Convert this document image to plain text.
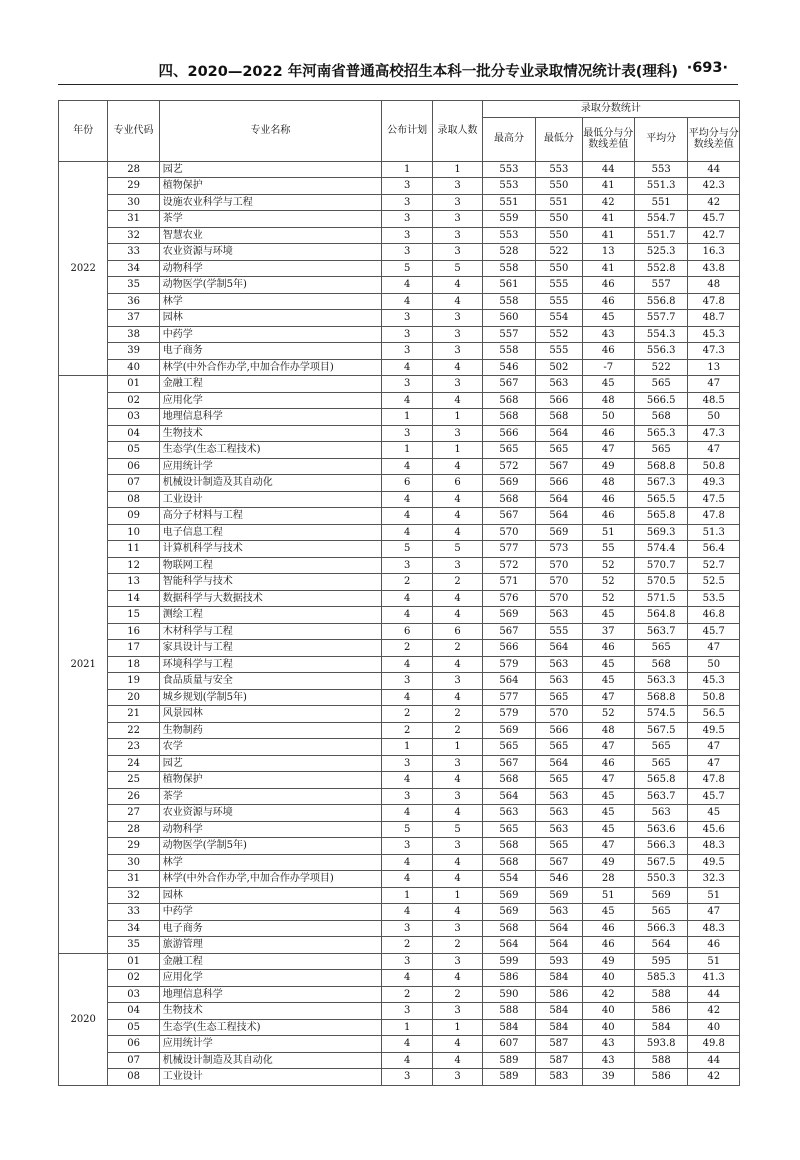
四、2020—2022 年河南省普通高校招生本科一批分专业录取情况统计表(理科) ·693·
年份	专业代码	专业名称	公布计划	录取人数	录取分数统计				
					最高分	最低分	最低分与分数线差值	平均分	平均分与分数线差值
2022	28	园艺	1	1	553	553	44	553	44
	29	植物保护	3	3	553	550	41	551.3	42.3
	30	设施农业科学与工程	3	3	551	551	42	551	42
	31	茶学	3	3	559	550	41	554.7	45.7
	32	智慧农业	3	3	553	550	41	551.7	42.7
	33	农业资源与环境	3	3	528	522	13	525.3	16.3
	34	动物科学	5	5	558	550	41	552.8	43.8
	35	动物医学(学制5年)	4	4	561	555	46	557	48
	36	林学	4	4	558	555	46	556.8	47.8
	37	园林	3	3	560	554	45	557.7	48.7
	38	中药学	3	3	557	552	43	554.3	45.3
	39	电子商务	3	3	558	555	46	556.3	47.3
	40	林学(中外合作办学,中加合作办学项目)	4	4	546	502	-7	522	13
2021	01	金融工程	3	3	567	563	45	565	47
	02	应用化学	4	4	568	566	48	566.5	48.5
	03	地理信息科学	1	1	568	568	50	568	50
	04	生物技术	3	3	566	564	46	565.3	47.3
	05	生态学(生态工程技术)	1	1	565	565	47	565	47
	06	应用统计学	4	4	572	567	49	568.8	50.8
	07	机械设计制造及其自动化	6	6	569	566	48	567.3	49.3
	08	工业设计	4	4	568	564	46	565.5	47.5
	09	高分子材料与工程	4	4	567	564	46	565.8	47.8
	10	电子信息工程	4	4	570	569	51	569.3	51.3
	11	计算机科学与技术	5	5	577	573	55	574.4	56.4
	12	物联网工程	3	3	572	570	52	570.7	52.7
	13	智能科学与技术	2	2	571	570	52	570.5	52.5
	14	数据科学与大数据技术	4	4	576	570	52	571.5	53.5
	15	测绘工程	4	4	569	563	45	564.8	46.8
	16	木材科学与工程	6	6	567	555	37	563.7	45.7
	17	家具设计与工程	2	2	566	564	46	565	47
	18	环境科学与工程	4	4	579	563	45	568	50
	19	食品质量与安全	3	3	564	563	45	563.3	45.3
	20	城乡规划(学制5年)	4	4	577	565	47	568.8	50.8
	21	风景园林	2	2	579	570	52	574.5	56.5
	22	生物制药	2	2	569	566	48	567.5	49.5
	23	农学	1	1	565	565	47	565	47
	24	园艺	3	3	567	564	46	565	47
	25	植物保护	4	4	568	565	47	565.8	47.8
	26	茶学	3	3	564	563	45	563.7	45.7
	27	农业资源与环境	4	4	563	563	45	563	45
	28	动物科学	5	5	565	563	45	563.6	45.6
	29	动物医学(学制5年)	3	3	568	565	47	566.3	48.3
	30	林学	4	4	568	567	49	567.5	49.5
	31	林学(中外合作办学,中加合作办学项目)	4	4	554	546	28	550.3	32.3
	32	园林	1	1	569	569	51	569	51
	33	中药学	4	4	569	563	45	565	47
	34	电子商务	3	3	568	564	46	566.3	48.3
	35	旅游管理	2	2	564	564	46	564	46
2020	01	金融工程	3	3	599	593	49	595	51
	02	应用化学	4	4	586	584	40	585.3	41.3
	03	地理信息科学	2	2	590	586	42	588	44
	04	生物技术	3	3	588	584	40	586	42
	05	生态学(生态工程技术)	1	1	584	584	40	584	40
	06	应用统计学	4	4	607	587	43	593.8	49.8
	07	机械设计制造及其自动化	4	4	589	587	43	588	44
	08	工业设计	3	3	589	583	39	586	42
